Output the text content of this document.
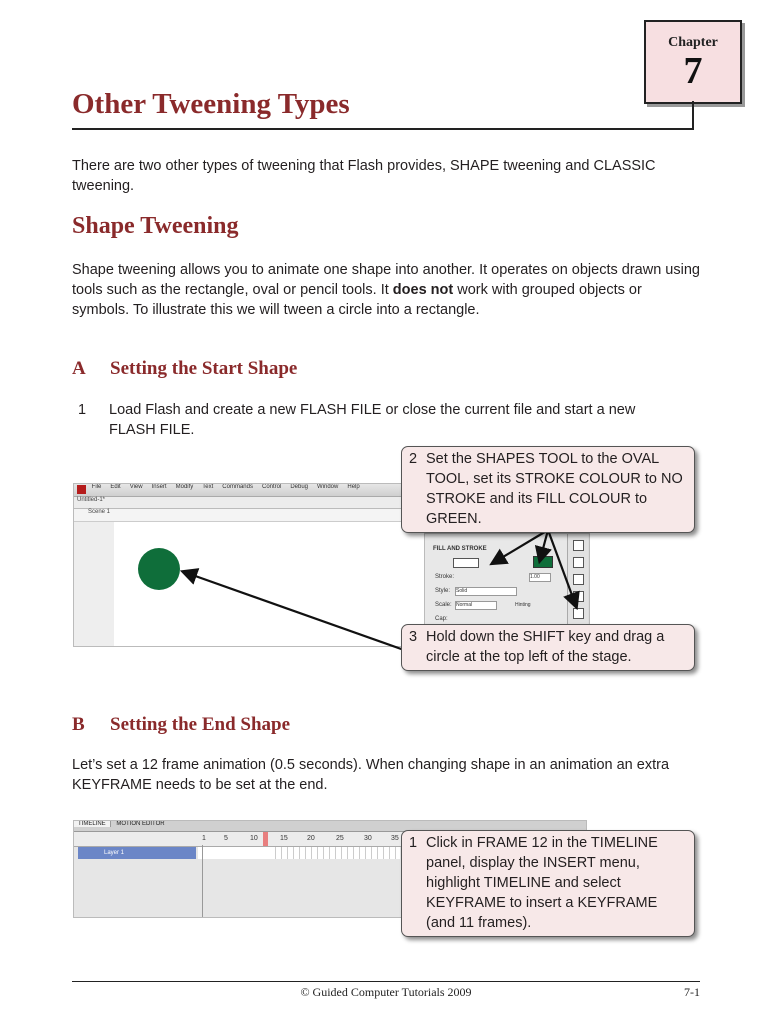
Chapter
7
Other Tweening Types

There are two other types of tweening that Flash provides, SHAPE tweening and CLASSIC tweening.

Shape Tweening

Shape tweening allows you to animate one shape into another. It operates on objects drawn using tools such as the rectangle, oval or pencil tools. It does not work with grouped objects or symbols. To illustrate this we will tween a circle into a rectangle.

A Setting the Start Shape
1 Load Flash and create a new FLASH FILE or close the current file and start a new FLASH FILE.
File Edit View Insert Modify Text Commands Control Debug Window Help
Untitled-1*
Scene 1
FILL AND STROKE
Stroke:	1.00
Style: Solid
Scale: Normal	Hinting
Cap:
2 Set the SHAPES TOOL to the OVAL TOOL, set its STROKE COLOUR to NO STROKE and its FILL COLOUR to GREEN.
3 Hold down the SHIFT key and drag a circle at the top left of the stage.
B Setting the End Shape

Let’s set a 12 frame animation (0.5 seconds). When changing shape in an animation an extra KEYFRAME needs to be set at the end.

TIMELINE MOTION EDITOR
1	5	10	15	20	25	30	35
Layer 1
1 Click in FRAME 12 in the TIMELINE panel, display the INSERT menu, highlight TIMELINE and select KEYFRAME to insert a KEYFRAME (and 11 frames).
© Guided Computer Tutorials 2009	7-1
